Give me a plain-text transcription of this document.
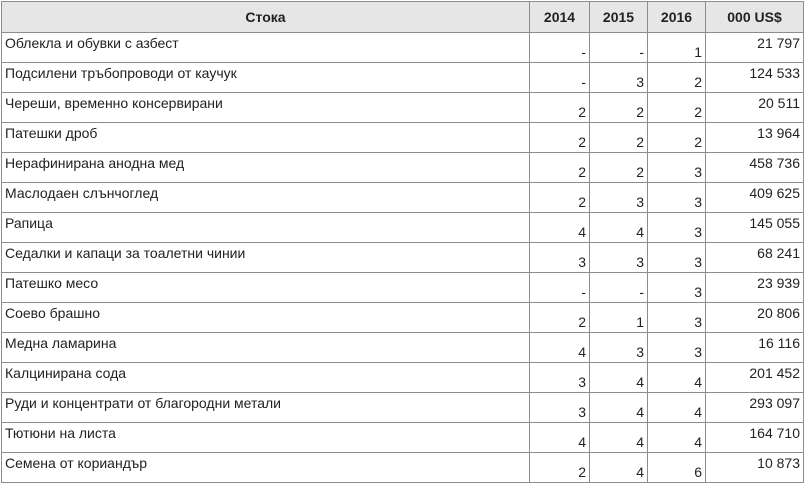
Стока	2014	2015	2016	000 US$
Облекла и обувки с азбест	-	-	1	21 797
Подсилени тръбопроводи от каучук	-	3	2	124 533
Череши, временно консервирани	2	2	2	20 511
Патешки дроб	2	2	2	13 964
Нерафинирана анодна мед	2	2	3	458 736
Маслодаен слънчоглед	2	3	3	409 625
Рапица	4	4	3	145 055
Седалки и капаци за тоалетни чинии	3	3	3	68 241
Патешко месо	-	-	3	23 939
Соево брашно	2	1	3	20 806
Медна ламарина	4	3	3	16 116
Калцинирана сода	3	4	4	201 452
Руди и концентрати от благородни метали	3	4	4	293 097
Тютюни на листа	4	4	4	164 710
Семена от кориандър	2	4	6	10 873
